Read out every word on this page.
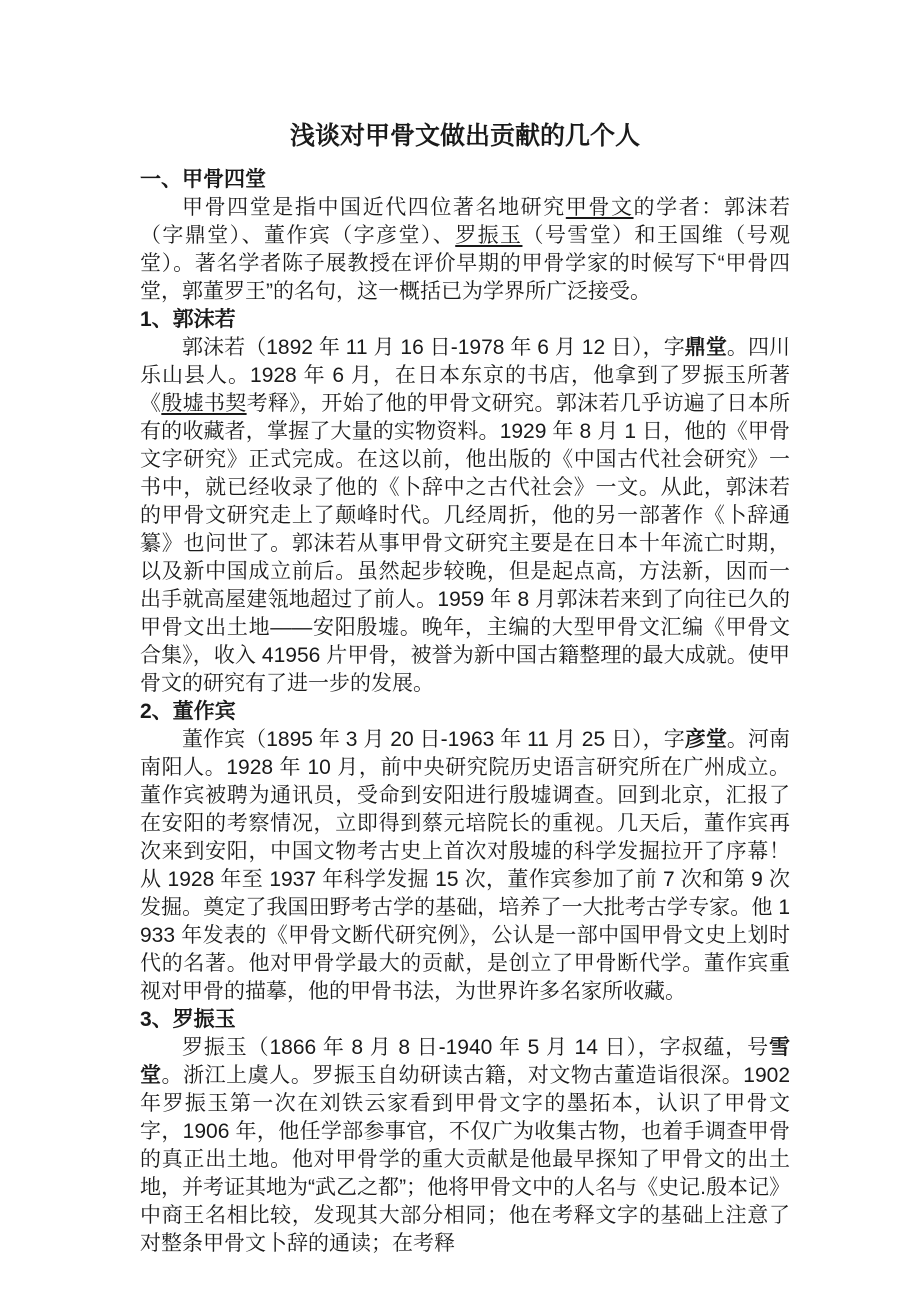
浅谈对甲骨文做出贡献的几个人
一、甲骨四堂

甲骨四堂是指中国近代四位著名地研究甲骨文的学者：郭沫若（字鼎堂）、董作宾（字彦堂）、罗振玉（号雪堂）和王国维（号观堂）。著名学者陈子展教授在评价早期的甲骨学家的时候写下“甲骨四堂，郭董罗王”的名句，这一概括已为学界所广泛接受。

1、郭沫若

郭沫若（1892 年 11 月 16 日-1978 年 6 月 12 日），字鼎堂。四川乐山县人。1928 年 6 月，在日本东京的书店，他拿到了罗振玉所著《殷墟书契考释》，开始了他的甲骨文研究。郭沫若几乎访遍了日本所有的收藏者，掌握了大量的实物资料。1929 年 8 月 1 日，他的《甲骨文字研究》正式完成。在这以前，他出版的《中国古代社会研究》一书中，就已经收录了他的《卜辞中之古代社会》一文。从此，郭沫若的甲骨文研究走上了颠峰时代。几经周折，他的另一部著作《卜辞通纂》也问世了。郭沫若从事甲骨文研究主要是在日本十年流亡时期，以及新中国成立前后。虽然起步较晚，但是起点高，方法新，因而一出手就高屋建瓴地超过了前人。1959 年 8 月郭沫若来到了向往已久的甲骨文出土地——安阳殷墟。晚年，主编的大型甲骨文汇编《甲骨文合集》，收入 41956 片甲骨，被誉为新中国古籍整理的最大成就。使甲骨文的研究有了进一步的发展。

2、董作宾

董作宾（1895 年 3 月 20 日-1963 年 11 月 25 日），字彦堂。河南南阳人。1928 年 10 月，前中央研究院历史语言研究所在广州成立。董作宾被聘为通讯员，受命到安阳进行殷墟调查。回到北京，汇报了在安阳的考察情况，立即得到蔡元培院长的重视。几天后，董作宾再次来到安阳，中国文物考古史上首次对殷墟的科学发掘拉开了序幕！从 1928 年至 1937 年科学发掘 15 次，董作宾参加了前 7 次和第 9 次发掘。奠定了我国田野考古学的基础，培养了一大批考古学专家。他 1933 年发表的《甲骨文断代研究例》，公认是一部中国甲骨文史上划时代的名著。他对甲骨学最大的贡献，是创立了甲骨断代学。董作宾重视对甲骨的描摹，他的甲骨书法，为世界许多名家所收藏。

3、罗振玉

罗振玉（1866 年 8 月 8 日-1940 年 5 月 14 日），字叔蕴，号雪堂。浙江上虞人。罗振玉自幼研读古籍，对文物古董造诣很深。1902 年罗振玉第一次在刘铁云家看到甲骨文字的墨拓本，认识了甲骨文字，1906 年，他任学部参事官，不仅广为收集古物，也着手调查甲骨的真正出土地。他对甲骨学的重大贡献是他最早探知了甲骨文的出土地，并考证其地为“武乙之都”；他将甲骨文中的人名与《史记.殷本记》中商王名相比较，发现其大部分相同；他在考释文字的基础上注意了对整条甲骨文卜辞的通读；在考释
